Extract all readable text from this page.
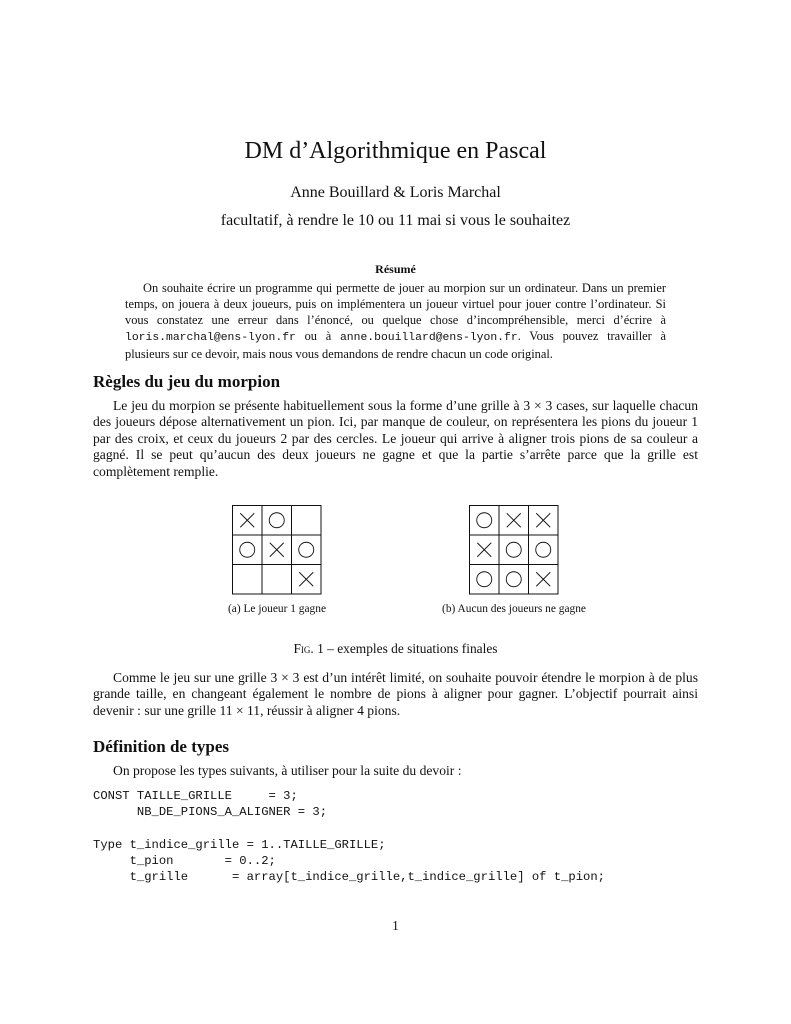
DM d’Algorithmique en Pascal
Anne Bouillard & Loris Marchal
facultatif, à rendre le 10 ou 11 mai si vous le souhaitez
Résumé
On souhaite écrire un programme qui permette de jouer au morpion sur un ordinateur. Dans un premier temps, on jouera à deux joueurs, puis on implémentera un joueur virtuel pour jouer contre l’ordinateur. Si vous constatez une erreur dans l’énoncé, ou quelque chose d’incompréhensible, merci d’écrire à loris.marchal@ens-lyon.fr ou à anne.bouillard@ens-lyon.fr. Vous pouvez travailler à plusieurs sur ce devoir, mais nous vous demandons de rendre chacun un code original.
Règles du jeu du morpion
Le jeu du morpion se présente habituellement sous la forme d’une grille à 3 × 3 cases, sur laquelle chacun des joueurs dépose alternativement un pion. Ici, par manque de couleur, on représentera les pions du joueur 1 par des croix, et ceux du joueurs 2 par des cercles. Le joueur qui arrive à aligner trois pions de sa couleur a gagné. Il se peut qu’aucun des deux joueurs ne gagne et que la partie s’arrête parce que la grille est complètement remplie.
(a) Le joueur 1 gagne	(b) Aucun des joueurs ne gagne
Fig. 1 – exemples de situations finales
Comme le jeu sur une grille 3 × 3 est d’un intérêt limité, on souhaite pouvoir étendre le morpion à de plus grande taille, en changeant également le nombre de pions à aligner pour gagner. L’objectif pourrait ainsi devenir : sur une grille 11 × 11, réussir à aligner 4 pions.
Définition de types
On propose les types suivants, à utiliser pour la suite du devoir :
CONST TAILLE_GRILLE     = 3;
NB_DE_PIONS_A_ALIGNER = 3;

Type t_indice_grille = 1..TAILLE_GRILLE;
t_pion       = 0..2;
t_grille      = array[t_indice_grille,t_indice_grille] of t_pion;
1
